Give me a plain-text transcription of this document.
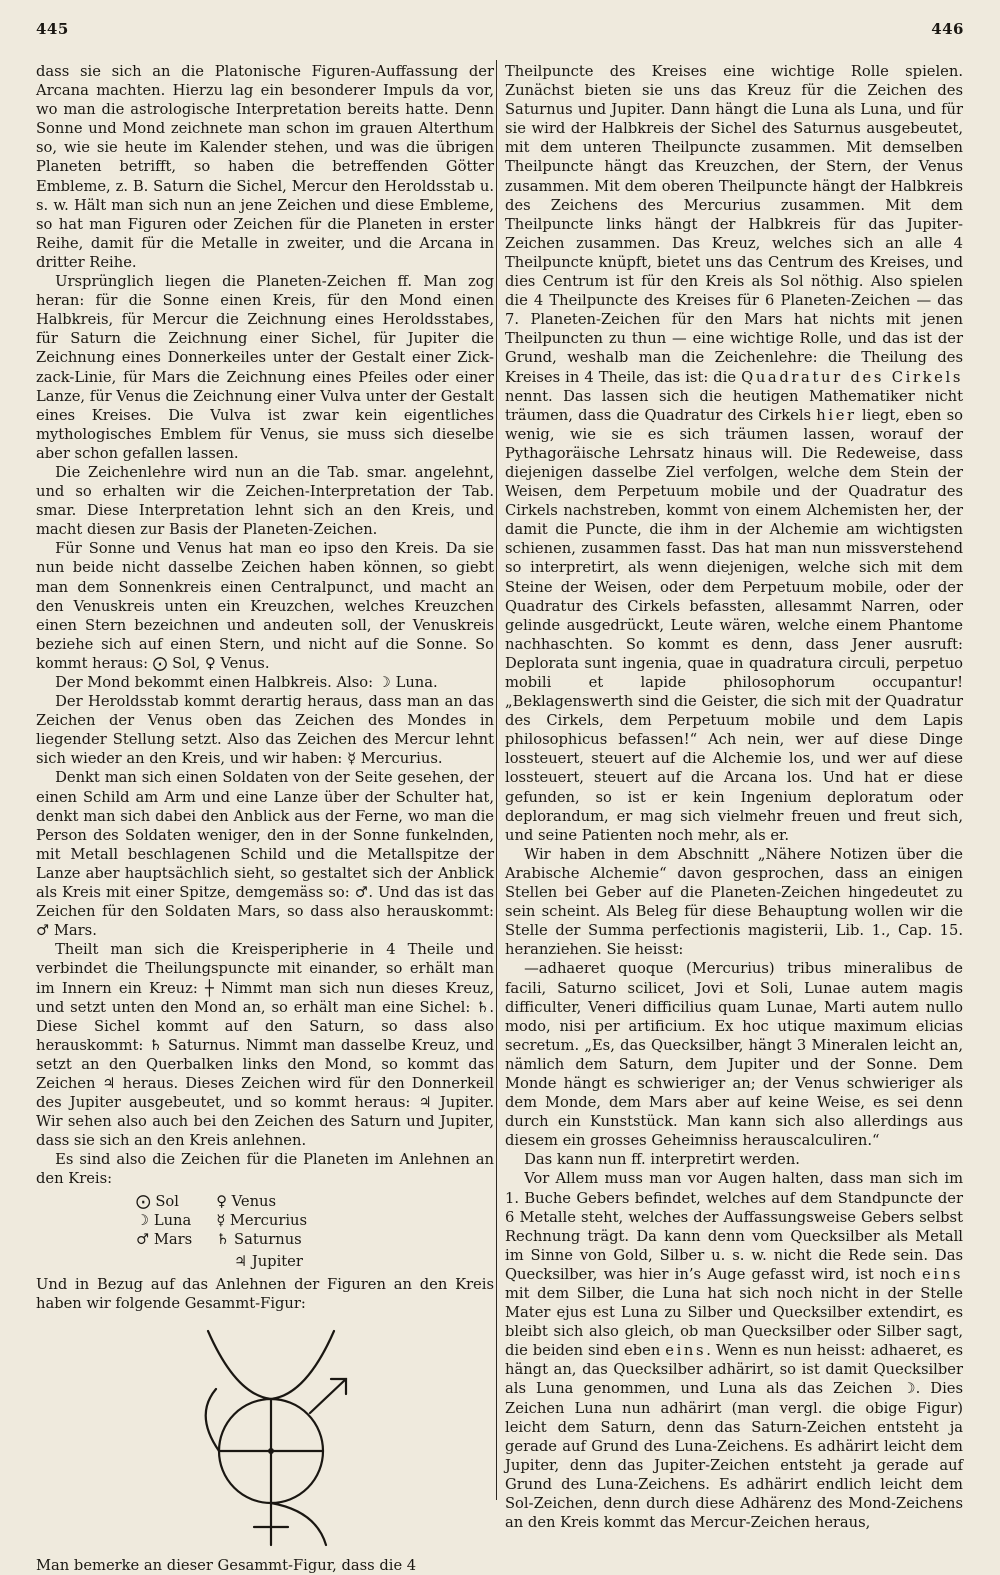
445	446

dass sie sich an die Platonische Figuren-Auffassung der Arcana machten. Hierzu lag ein besonderer Impuls da vor, wo man die astrologische Interpretation bereits hatte. Denn Sonne und Mond zeichnete man schon im grauen Alterthum so, wie sie heute im Kalender stehen, und was die übrigen Planeten betrifft, so haben die betreffenden Götter Embleme, z. B. Saturn die Sichel, Mercur den Heroldsstab u. s. w. Hält man sich nun an jene Zeichen und diese Embleme, so hat man Figuren oder Zeichen für die Planeten in erster Reihe, damit für die Metalle in zweiter, und die Arcana in dritter Reihe.

Ursprünglich liegen die Planeten-Zeichen ff. Man zog heran: für die Sonne einen Kreis, für den Mond einen Halbkreis, für Mercur die Zeichnung eines Heroldsstabes, für Saturn die Zeichnung einer Sichel, für Jupiter die Zeichnung eines Donnerkeiles unter der Gestalt einer Zick-zack-Linie, für Mars die Zeichnung eines Pfeiles oder einer Lanze, für Venus die Zeichnung einer Vulva unter der Gestalt eines Kreises. Die Vulva ist zwar kein eigentliches mythologisches Emblem für Venus, sie muss sich dieselbe aber schon gefallen lassen.

Die Zeichenlehre wird nun an die Tab. smar. angelehnt, und so erhalten wir die Zeichen-Interpretation der Tab. smar. Diese Interpretation lehnt sich an den Kreis, und macht diesen zur Basis der Planeten-Zeichen.

Für Sonne und Venus hat man eo ipso den Kreis. Da sie nun beide nicht dasselbe Zeichen haben können, so giebt man dem Sonnenkreis einen Centralpunct, und macht an den Venuskreis unten ein Kreuzchen, welches Kreuzchen einen Stern bezeichnen und andeuten soll, der Venuskreis beziehe sich auf einen Stern, und nicht auf die Sonne. So kommt heraus: ⨀ Sol, ♀ Venus.

Der Mond bekommt einen Halbkreis. Also: ☽ Luna.

Der Heroldsstab kommt derartig heraus, dass man an das Zeichen der Venus oben das Zeichen des Mondes in liegender Stellung setzt. Also das Zeichen des Mercur lehnt sich wieder an den Kreis, und wir haben: ☿ Mercurius.

Denkt man sich einen Soldaten von der Seite gesehen, der einen Schild am Arm und eine Lanze über der Schulter hat, denkt man sich dabei den Anblick aus der Ferne, wo man die Person des Soldaten weniger, den in der Sonne funkelnden, mit Metall beschlagenen Schild und die Metallspitze der Lanze aber hauptsächlich sieht, so gestaltet sich der Anblick als Kreis mit einer Spitze, demgemäss so: ♂. Und das ist das Zeichen für den Soldaten Mars, so dass also herauskommt: ♂ Mars.

Theilt man sich die Kreisperipherie in 4 Theile und verbindet die Theilungspuncte mit einander, so erhält man im Innern ein Kreuz: ┼ Nimmt man sich nun dieses Kreuz, und setzt unten den Mond an, so erhält man eine Sichel: ♄. Diese Sichel kommt auf den Saturn, so dass also herauskommt: ♄ Saturnus. Nimmt man dasselbe Kreuz, und setzt an den Querbalken links den Mond, so kommt das Zeichen ♃ heraus. Dieses Zeichen wird für den Donnerkeil des Jupiter ausgebeutet, und so kommt heraus: ♃ Jupiter. Wir sehen also auch bei den Zeichen des Saturn und Jupiter, dass sie sich an den Kreis anlehnen.

Es sind also die Zeichen für die Planeten im Anlehnen an den Kreis:

⨀ Sol	♀ Venus
☽ Luna	☿ Mercurius
♂ Mars	♄ Saturnus
♃ Jupiter

Und in Bezug auf das Anlehnen der Figuren an den Kreis haben wir folgende Gesammt-Figur:

Man bemerke an dieser Gesammt-Figur, dass die 4

Theilpuncte des Kreises eine wichtige Rolle spielen. Zunächst bieten sie uns das Kreuz für die Zeichen des Saturnus und Jupiter. Dann hängt die Luna als Luna, und für sie wird der Halbkreis der Sichel des Saturnus ausgebeutet, mit dem unteren Theilpuncte zusammen. Mit demselben Theilpuncte hängt das Kreuzchen, der Stern, der Venus zusammen. Mit dem oberen Theilpuncte hängt der Halbkreis des Zeichens des Mercurius zusammen. Mit dem Theilpuncte links hängt der Halbkreis für das Jupiter-Zeichen zusammen. Das Kreuz, welches sich an alle 4 Theilpuncte knüpft, bietet uns das Centrum des Kreises, und dies Centrum ist für den Kreis als Sol nöthig. Also spielen die 4 Theilpuncte des Kreises für 6 Planeten-Zeichen — das 7. Planeten-Zeichen für den Mars hat nichts mit jenen Theilpuncten zu thun — eine wichtige Rolle, und das ist der Grund, weshalb man die Zeichenlehre: die Theilung des Kreises in 4 Theile, das ist: die Quadratur des Cirkels nennt. Das lassen sich die heutigen Mathematiker nicht träumen, dass die Quadratur des Cirkels hier liegt, eben so wenig, wie sie es sich träumen lassen, worauf der Pythagoräische Lehrsatz hinaus will. Die Redeweise, dass diejenigen dasselbe Ziel verfolgen, welche dem Stein der Weisen, dem Perpetuum mobile und der Quadratur des Cirkels nachstreben, kommt von einem Alchemisten her, der damit die Puncte, die ihm in der Alchemie am wichtigsten schienen, zusammen fasst. Das hat man nun missverstehend so interpretirt, als wenn diejenigen, welche sich mit dem Steine der Weisen, oder dem Perpetuum mobile, oder der Quadratur des Cirkels befassten, allesammt Narren, oder gelinde ausgedrückt, Leute wären, welche einem Phantome nachhaschten. So kommt es denn, dass Jener ausruft: Deplorata sunt ingenia, quae in quadratura circuli, perpetuo mobili et lapide philosophorum occupantur! „Beklagenswerth sind die Geister, die sich mit der Quadratur des Cirkels, dem Perpetuum mobile und dem Lapis philosophicus befassen!“ Ach nein, wer auf diese Dinge lossteuert, steuert auf die Alchemie los, und wer auf diese lossteuert, steuert auf die Arcana los. Und hat er diese gefunden, so ist er kein Ingenium deploratum oder deplorandum, er mag sich vielmehr freuen und freut sich, und seine Patienten noch mehr, als er.

Wir haben in dem Abschnitt „Nähere Notizen über die Arabische Alchemie“ davon gesprochen, dass an einigen Stellen bei Geber auf die Planeten-Zeichen hingedeutet zu sein scheint. Als Beleg für diese Behauptung wollen wir die Stelle der Summa perfectionis magisterii, Lib. 1., Cap. 15. heranziehen. Sie heisst:

—adhaeret quoque (Mercurius) tribus mineralibus de facili, Saturno scilicet, Jovi et Soli, Lunae autem magis difficulter, Veneri difficilius quam Lunae, Marti autem nullo modo, nisi per artificium. Ex hoc utique maximum elicias secretum. „Es, das Quecksilber, hängt 3 Mineralen leicht an, nämlich dem Saturn, dem Jupiter und der Sonne. Dem Monde hängt es schwieriger an; der Venus schwieriger als dem Monde, dem Mars aber auf keine Weise, es sei denn durch ein Kunststück. Man kann sich also allerdings aus diesem ein grosses Geheimniss herauscalculiren.“

Das kann nun ff. interpretirt werden.

Vor Allem muss man vor Augen halten, dass man sich im 1. Buche Gebers befindet, welches auf dem Standpuncte der 6 Metalle steht, welches der Auffassungsweise Gebers selbst Rechnung trägt. Da kann denn vom Quecksilber als Metall im Sinne von Gold, Silber u. s. w. nicht die Rede sein. Das Quecksilber, was hier in’s Auge gefasst wird, ist noch eins mit dem Silber, die Luna hat sich noch nicht in der Stelle Mater ejus est Luna zu Silber und Quecksilber extendirt, es bleibt sich also gleich, ob man Quecksilber oder Silber sagt, die beiden sind eben eins. Wenn es nun heisst: adhaeret, es hängt an, das Quecksilber adhärirt, so ist damit Quecksilber als Luna genommen, und Luna als das Zeichen ☽. Dies Zeichen Luna nun adhärirt (man vergl. die obige Figur) leicht dem Saturn, denn das Saturn-Zeichen entsteht ja gerade auf Grund des Luna-Zeichens. Es adhärirt leicht dem Jupiter, denn das Jupiter-Zeichen entsteht ja gerade auf Grund des Luna-Zeichens. Es adhärirt endlich leicht dem Sol-Zeichen, denn durch diese Adhärenz des Mond-Zeichens an den Kreis kommt das Mercur-Zeichen heraus,
